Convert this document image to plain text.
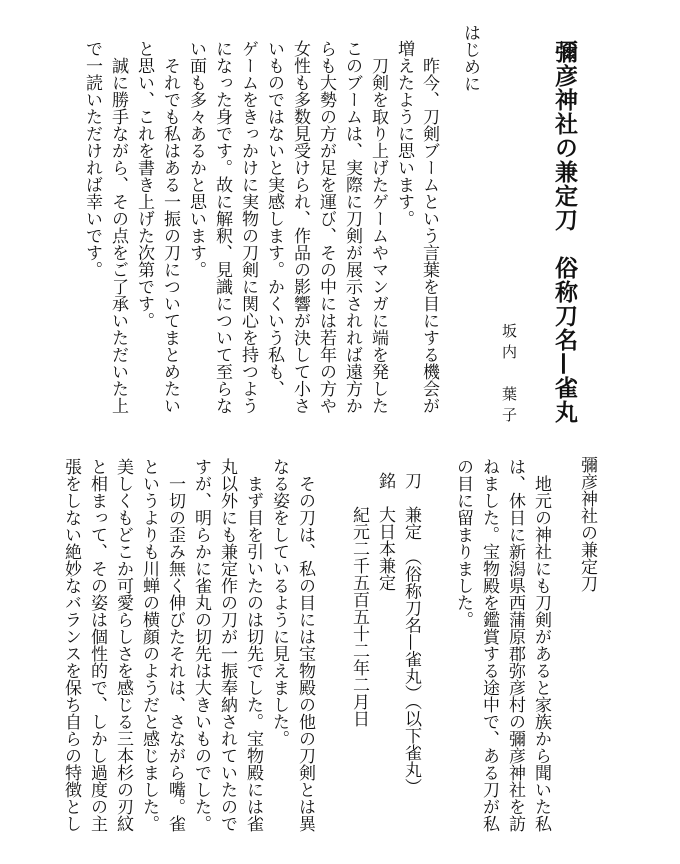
彌彦神社の兼定刀　俗称刀名—雀丸
坂内　葉子
はじめに
　昨今、刀剣ブームという言葉を目にする機会が
増えたように思います。
　刀剣を取り上げたゲームやマンガに端を発した
このブームは、実際に刀剣が展示されれば遠方か
らも大勢の方が足を運び、その中には若年の方や
女性も多数見受けられ、作品の影響が決して小さ
いものではないと実感します。かくいう私も、
ゲームをきっかけに実物の刀剣に関心を持つよう
になった身です。故に解釈、見識について至らな
い面も多々あるかと思います。
　それでも私はある一振の刀についてまとめたい
と思い、これを書き上げた次第です。
　誠に勝手ながら、その点をご了承いただいた上
で一読いただければ幸いです。
彌彦神社の兼定刀
　地元の神社にも刀剣があると家族から聞いた私
は、休日に新潟県西蒲原郡弥彦村の彌彦神社を訪
ねました。宝物殿を鑑賞する途中で、ある刀が私
の目に留まりました。
刀　兼定　（俗称刀名—雀丸）（以下雀丸）
銘　大日本兼定
　　紀元二千五百五十二年二月日
　その刀は、私の目には宝物殿の他の刀剣とは異
なる姿をしているように見えました。
　まず目を引いたのは切先でした。宝物殿には雀
丸以外にも兼定作の刀が一振奉納されていたので
すが、明らかに雀丸の切先は大きいものでした。
　一切の歪み無く伸びたそれは、さながら嘴。雀
というよりも川蝉の横顔のようだと感じました。
美しくもどこか可愛らしさを感じる三本杉の刃紋
と相まって、その姿は個性的で、しかし過度の主
張をしない絶妙なバランスを保ち自らの特徴とし
